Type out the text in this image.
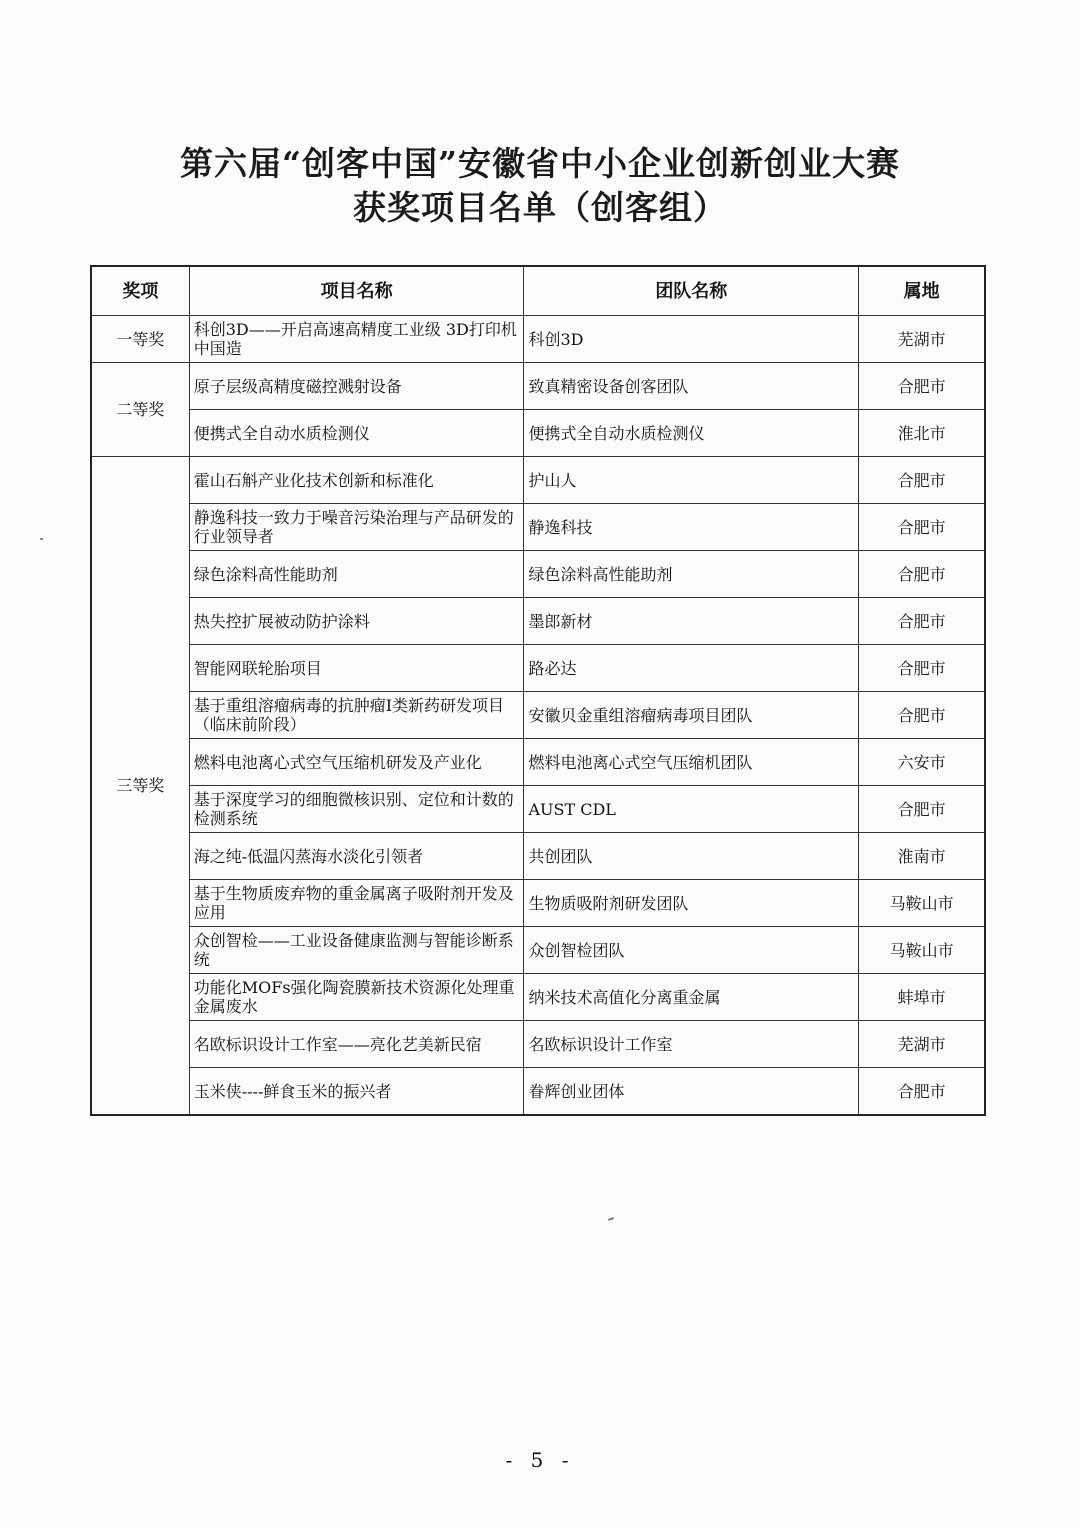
第六届“创客中国”安徽省中小企业创新创业大赛
获奖项目名单（创客组）
奖项	项目名称	团队名称	属地
一等奖	科创3D——开启高速高精度工业级 3D打印机中国造	科创3D	芜湖市
二等奖	原子层级高精度磁控溅射设备	致真精密设备创客团队	合肥市
	便携式全自动水质检测仪	便携式全自动水质检测仪	淮北市
三等奖	霍山石斛产业化技术创新和标准化	护山人	合肥市
	静逸科技一致力于噪音污染治理与产品研发的行业领导者	静逸科技	合肥市
	绿色涂料高性能助剂	绿色涂料高性能助剂	合肥市
	热失控扩展被动防护涂料	墨郎新材	合肥市
	智能网联轮胎项目	路必达	合肥市
	基于重组溶瘤病毒的抗肿瘤I类新药研发项目（临床前阶段）	安徽贝金重组溶瘤病毒项目团队	合肥市
	燃料电池离心式空气压缩机研发及产业化	燃料电池离心式空气压缩机团队	六安市
	基于深度学习的细胞微核识别、定位和计数的检测系统	AUST CDL	合肥市
	海之纯-低温闪蒸海水淡化引领者	共创团队	淮南市
	基于生物质废弃物的重金属离子吸附剂开发及应用	生物质吸附剂研发团队	马鞍山市
	众创智检——工业设备健康监测与智能诊断系统	众创智检团队	马鞍山市
	功能化MOFs强化陶瓷膜新技术资源化处理重金属废水	纳米技术高值化分离重金属	蚌埠市
	名欧标识设计工作室——亮化艺美新民宿	名欧标识设计工作室	芜湖市
	玉米侠----鲜食玉米的振兴者	眷辉创业团体	合肥市
- 5 -
